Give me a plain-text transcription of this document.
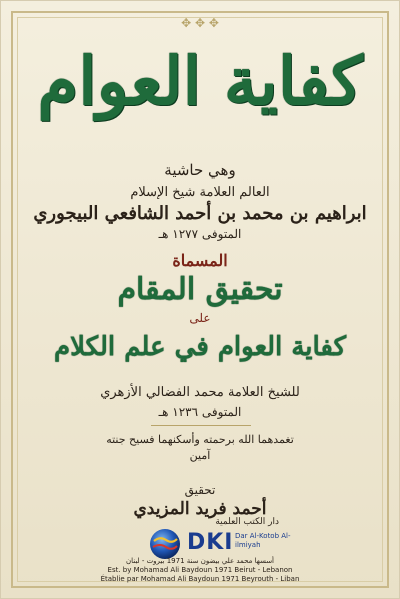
✥ ✥ ✥
كفاية العوام
وهي حاشية
العالم العلامة شيخ الإسلام
ابراهيم بن محمد بن أحمد الشافعي البيجوري
المتوفى ١٢٧٧ هـ
المسماة
تحقيق المقام
على
كفاية العوام في علم الكلام
للشيخ العلامة محمد الفضالي الأزهري
المتوفى ١٢٣٦ هـ
تغمدهما الله برحمته وأسكنهما فسيح جنته
آمين
تحقيق
أحمد فريد المزيدي
دار الكتب العلمية
DKI Dar Al-Kotob Al-ilmiyah
أسسها محمد علي بيضون سنة 1971 بيروت - لبنان
Est. by Mohamad Ali Baydoun 1971 Beirut - Lebanon
Établie par Mohamad Ali Baydoun 1971 Beyrouth - Liban
